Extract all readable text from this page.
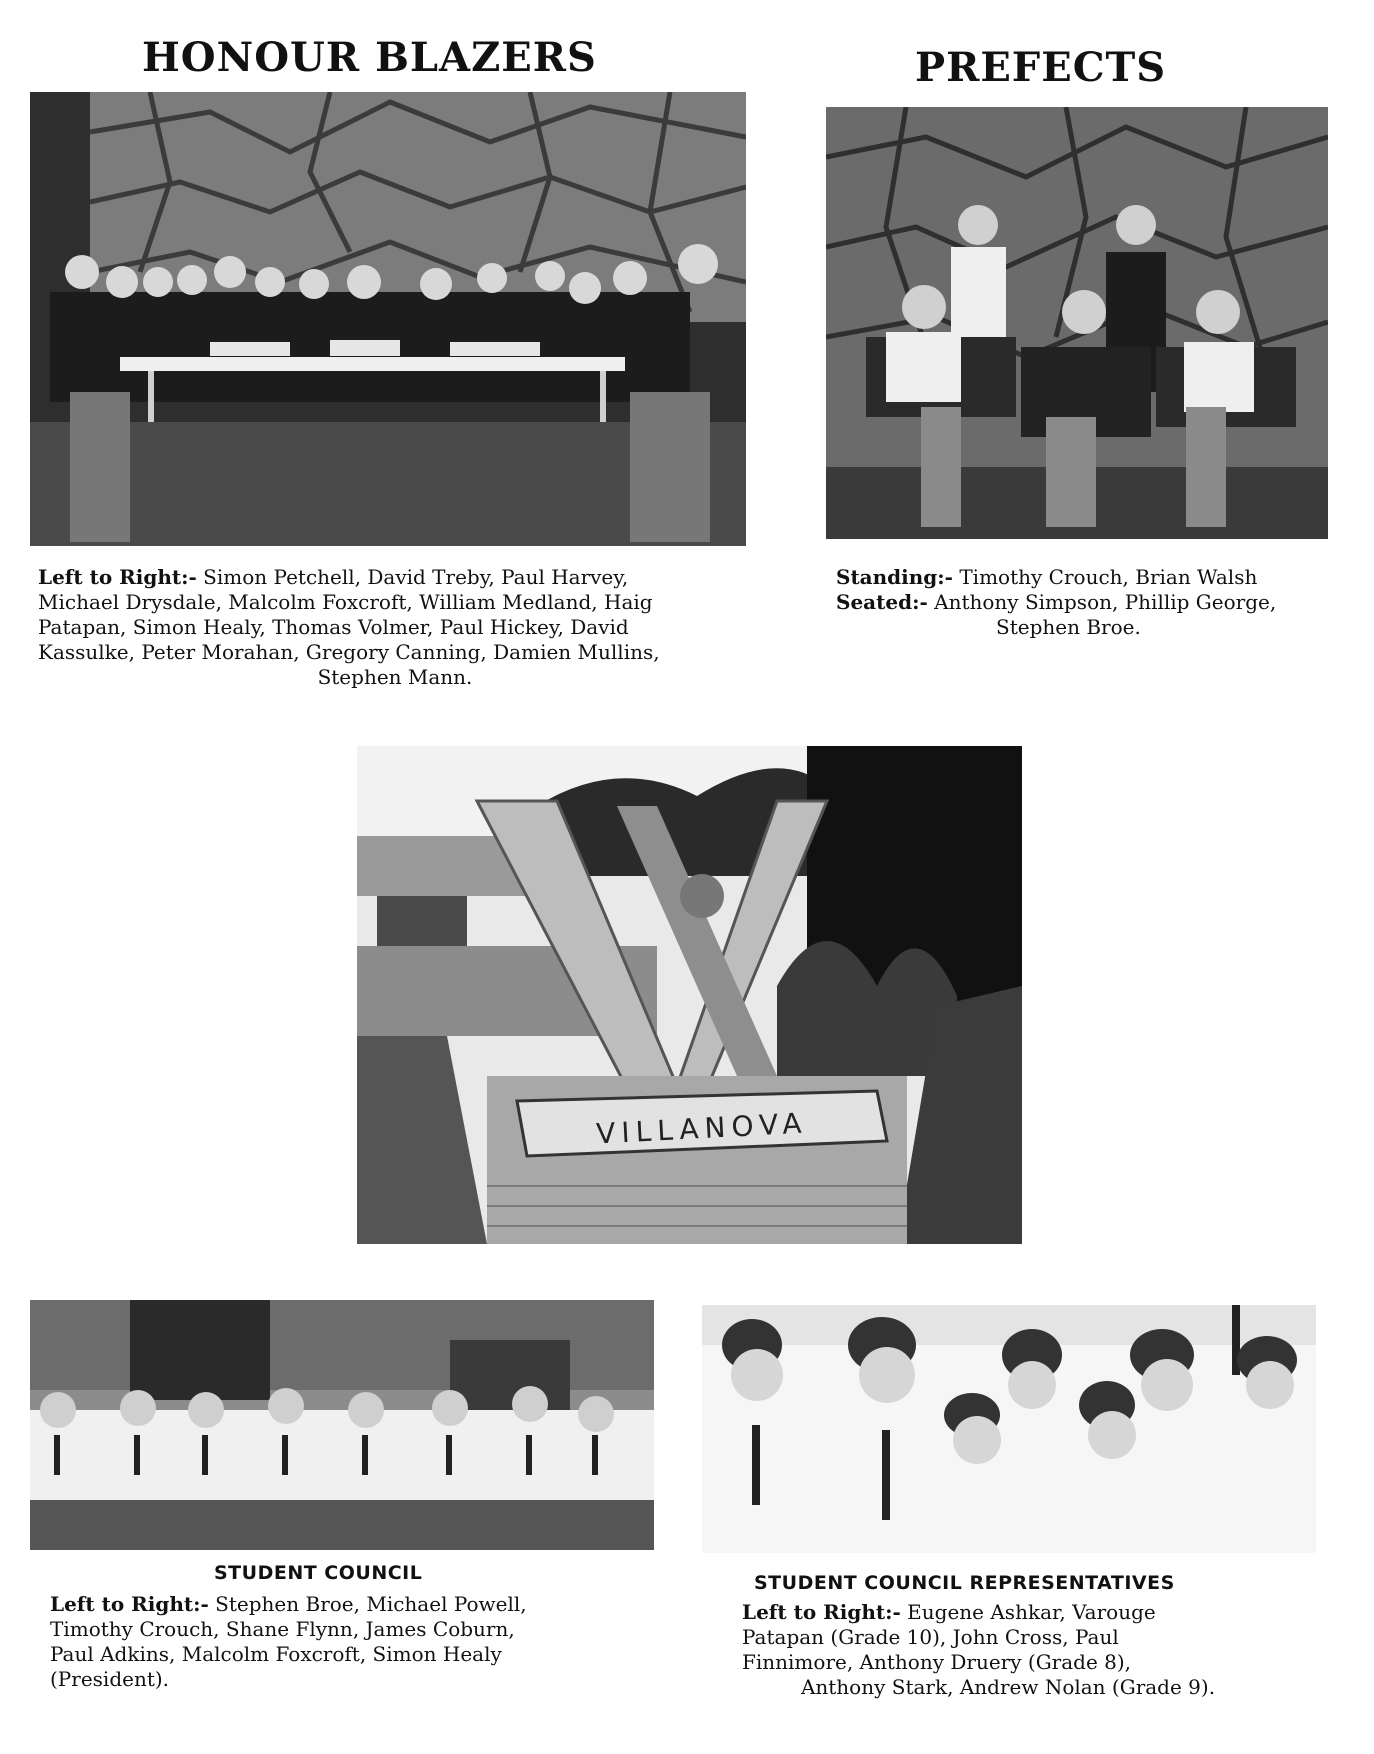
HONOUR BLAZERS
Left to Right:- Simon Petchell, David Treby, Paul Harvey,
Michael Drysdale, Malcolm Foxcroft, William Medland, Haig
Patapan, Simon Healy, Thomas Volmer, Paul Hickey, David
Kassulke, Peter Morahan, Gregory Canning, Damien Mullins,
Stephen Mann.
PREFECTS
Standing:- Timothy Crouch, Brian Walsh
Seated:- Anthony Simpson, Phillip George,
Stephen Broe.
VILLANOVA
STUDENT COUNCIL
Left to Right:- Stephen Broe, Michael Powell,
Timothy Crouch, Shane Flynn, James Coburn,
Paul Adkins, Malcolm Foxcroft, Simon Healy
(President).
STUDENT COUNCIL REPRESENTATIVES
Left to Right:- Eugene Ashkar, Varouge
Patapan (Grade 10), John Cross, Paul
Finnimore, Anthony Druery (Grade 8),
Anthony Stark, Andrew Nolan (Grade 9).
